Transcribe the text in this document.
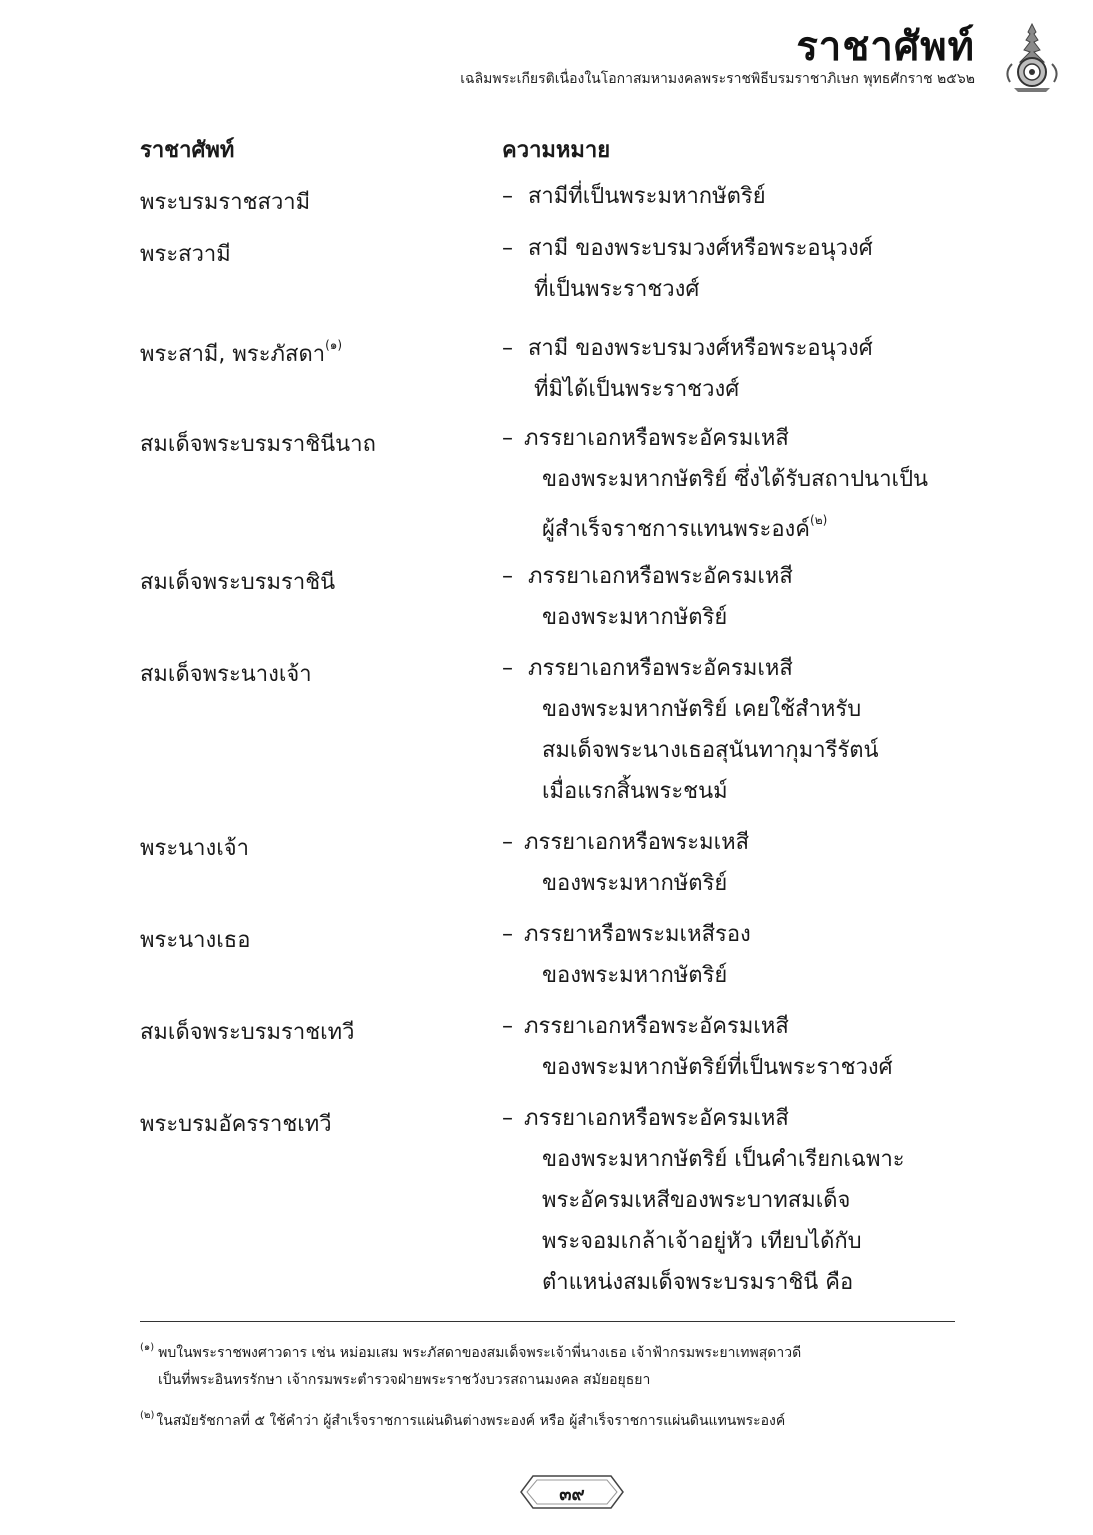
ราชาศัพท์
เฉลิมพระเกียรติเนื่องในโอกาสมหามงคลพระราชพิธีบรมราชาภิเษก พุทธศักราช ๒๕๖๒
ราชาศัพท์	ความหมาย
พระบรมราชสวามี	– สามีที่เป็นพระมหากษัตริย์
พระสวามี	– สามี ของพระบรมวงศ์หรือพระอนุวงศ์
ที่เป็นพระราชวงศ์
พระสามี, พระภัสดา$^{(๑)}$	– สามี ของพระบรมวงศ์หรือพระอนุวงศ์
ที่มิได้เป็นพระราชวงศ์
สมเด็จพระบรมราชินีนาถ	– ภรรยาเอกหรือพระอัครมเหสี
ของพระมหากษัตริย์ ซึ่งได้รับสถาปนาเป็น
ผู้สำเร็จราชการแทนพระองค์$^{(๒)}$
สมเด็จพระบรมราชินี	– ภรรยาเอกหรือพระอัครมเหสี
ของพระมหากษัตริย์
สมเด็จพระนางเจ้า	– ภรรยาเอกหรือพระอัครมเหสี
ของพระมหากษัตริย์ เคยใช้สำหรับ
สมเด็จพระนางเธอสุนันทากุมารีรัตน์
เมื่อแรกสิ้นพระชนม์
พระนางเจ้า	– ภรรยาเอกหรือพระมเหสี
ของพระมหากษัตริย์
พระนางเธอ	– ภรรยาหรือพระมเหสีรอง
ของพระมหากษัตริย์
สมเด็จพระบรมราชเทวี	– ภรรยาเอกหรือพระอัครมเหสี
ของพระมหากษัตริย์ที่เป็นพระราชวงศ์
พระบรมอัครราชเทวี	– ภรรยาเอกหรือพระอัครมเหสี
ของพระมหากษัตริย์ เป็นคำเรียกเฉพาะ
พระอัครมเหสีของพระบาทสมเด็จ
พระจอมเกล้าเจ้าอยู่หัว เทียบได้กับ
ตำแหน่งสมเด็จพระบรมราชินี คือ
$^{(๑)}$ พบในพระราชพงศาวดาร เช่น หม่อมเสม พระภัสดาของสมเด็จพระเจ้าพี่นางเธอ เจ้าฟ้ากรมพระยาเทพสุดาวดี
เป็นที่พระอินทรรักษา เจ้ากรมพระตำรวจฝ่ายพระราชวังบวรสถานมงคล สมัยอยุธยา
$^{(๒)}$ ในสมัยรัชกาลที่ ๕ ใช้คำว่า ผู้สำเร็จราชการแผ่นดินต่างพระองค์ หรือ ผู้สำเร็จราชการแผ่นดินแทนพระองค์
๓๙
